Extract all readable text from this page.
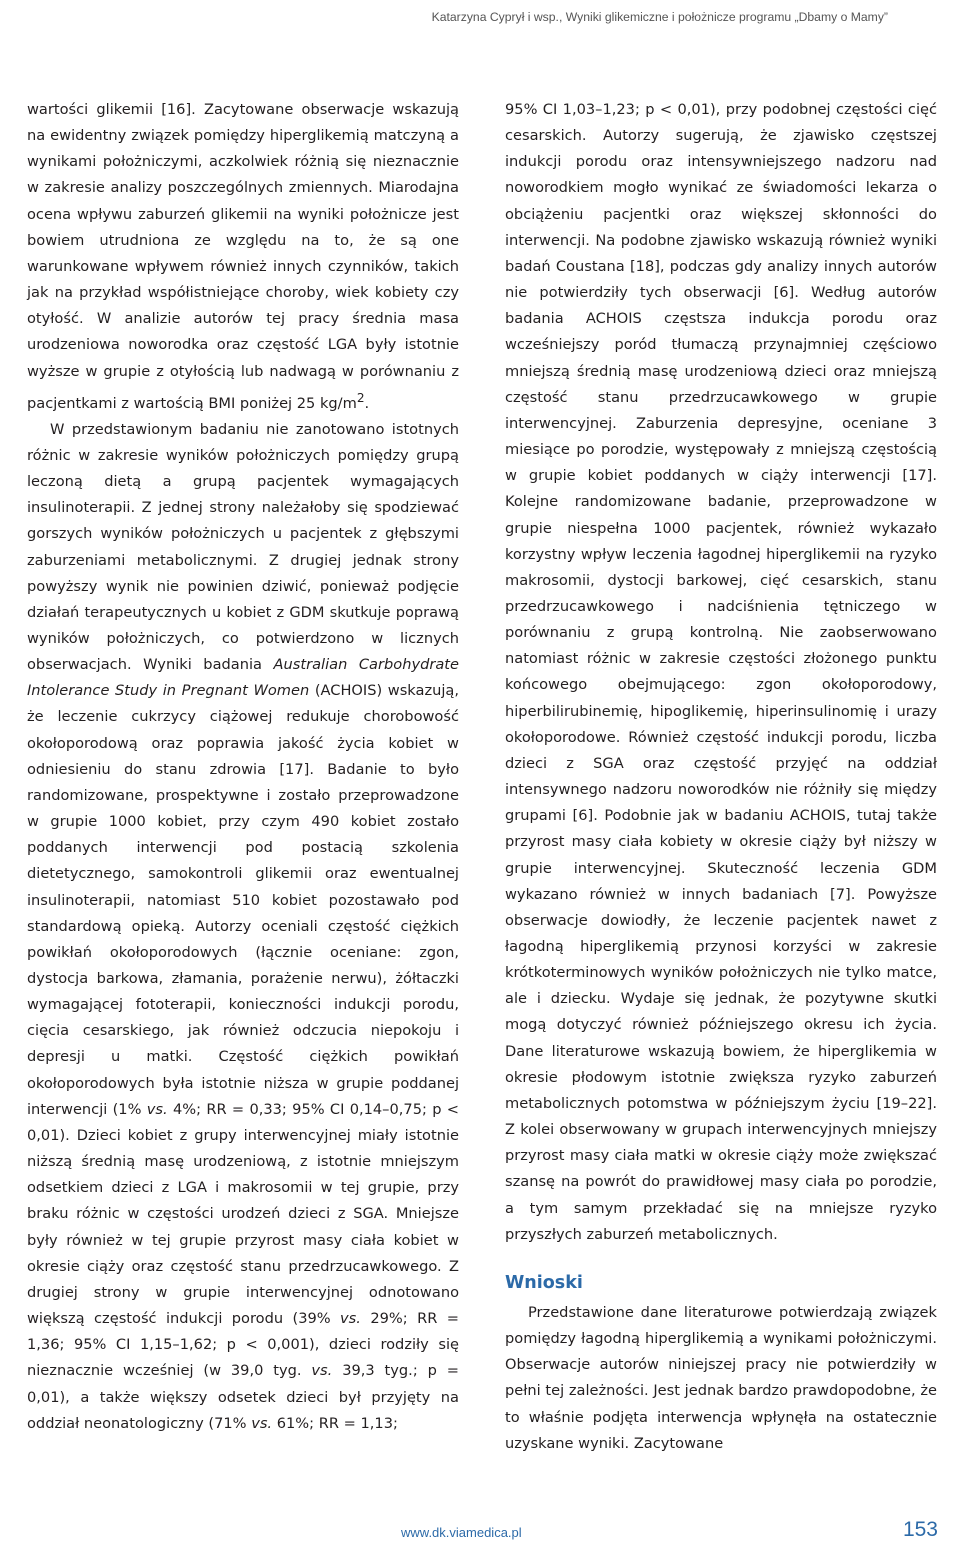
Katarzyna Cyprył i wsp., Wyniki glikemiczne i położnicze programu „Dbamy o Mamy”

wartości glikemii [16]. Zacytowane obserwacje wskazują na ewidentny związek pomiędzy hiperglikemią matczyną a wynikami położniczymi, aczkolwiek różnią się nieznacznie w zakresie analizy poszczególnych zmiennych. Miarodajna ocena wpływu zaburzeń glikemii na wyniki położnicze jest bowiem utrudniona ze względu na to, że są one warunkowane wpływem również innych czynników, takich jak na przykład współistniejące choroby, wiek kobiety czy otyłość. W analizie autorów tej pracy średnia masa urodzeniowa noworodka oraz częstość LGA były istotnie wyższe w grupie z otyłością lub nadwagą w porównaniu z pacjentkami z wartością BMI poniżej 25 $kg/m^2$.

W przedstawionym badaniu nie zanotowano istotnych różnic w zakresie wyników położniczych pomiędzy grupą leczoną dietą a grupą pacjentek wymagających insulinoterapii. Z jednej strony należałoby się spodziewać gorszych wyników położniczych u pacjentek z głębszymi zaburzeniami metabolicznymi. Z drugiej jednak strony powyższy wynik nie powinien dziwić, ponieważ podjęcie działań terapeutycznych u kobiet z GDM skutkuje poprawą wyników położniczych, co potwierdzono w licznych obserwacjach. Wyniki badania Australian Carbohydrate Intolerance Study in Pregnant Women (ACHOIS) wskazują, że leczenie cukrzycy ciążowej redukuje chorobowość okołoporodową oraz poprawia jakość życia kobiet w odniesieniu do stanu zdrowia [17]. Badanie to było randomizowane, prospektywne i zostało przeprowadzone w grupie 1000 kobiet, przy czym 490 kobiet zostało poddanych interwencji pod postacią szkolenia dietetycznego, samokontroli glikemii oraz ewentualnej insulinoterapii, natomiast 510 kobiet pozostawało pod standardową opieką. Autorzy oceniali częstość ciężkich powikłań okołoporodowych (łącznie oceniane: zgon, dystocja barkowa, złamania, porażenie nerwu), żółtaczki wymagającej fototerapii, konieczności indukcji porodu, cięcia cesarskiego, jak również odczucia niepokoju i depresji u matki. Częstość ciężkich powikłań okołoporodowych była istotnie niższa w grupie poddanej interwencji (1% vs. 4%; RR = 0,33; 95% CI 0,14–0,75; p < 0,01). Dzieci kobiet z grupy interwencyjnej miały istotnie niższą średnią masę urodzeniową, z istotnie mniejszym odsetkiem dzieci z LGA i makrosomii w tej grupie, przy braku różnic w częstości urodzeń dzieci z SGA. Mniejsze były również w tej grupie przyrost masy ciała kobiet w okresie ciąży oraz częstość stanu przedrzucawkowego. Z drugiej strony w grupie interwencyjnej odnotowano większą częstość indukcji porodu (39% vs. 29%; RR = 1,36; 95% CI 1,15–1,62; p < 0,001), dzieci rodziły się nieznacznie wcześniej (w 39,0 tyg. vs. 39,3 tyg.; p = 0,01), a także większy odsetek dzieci był przyjęty na oddział neonatologiczny (71% vs. 61%; RR = 1,13;

95% CI 1,03–1,23; p < 0,01), przy podobnej częstości cięć cesarskich. Autorzy sugerują, że zjawisko częstszej indukcji porodu oraz intensywniejszego nadzoru nad noworodkiem mogło wynikać ze świadomości lekarza o obciążeniu pacjentki oraz większej skłonności do interwencji. Na podobne zjawisko wskazują również wyniki badań Coustana [18], podczas gdy analizy innych autorów nie potwierdziły tych obserwacji [6]. Według autorów badania ACHOIS częstsza indukcja porodu oraz wcześniejszy poród tłumaczą przynajmniej częściowo mniejszą średnią masę urodzeniową dzieci oraz mniejszą częstość stanu przedrzucawkowego w grupie interwencyjnej. Zaburzenia depresyjne, oceniane 3 miesiące po porodzie, występowały z mniejszą częstością w grupie kobiet poddanych w ciąży interwencji [17]. Kolejne randomizowane badanie, przeprowadzone w grupie niespełna 1000 pacjentek, również wykazało korzystny wpływ leczenia łagodnej hiperglikemii na ryzyko makrosomii, dystocji barkowej, cięć cesarskich, stanu przedrzucawkowego i nadciśnienia tętniczego w porównaniu z grupą kontrolną. Nie zaobserwowano natomiast różnic w zakresie częstości złożonego punktu końcowego obejmującego: zgon okołoporodowy, hiperbilirubinemię, hipoglikemię, hiperinsulinomię i urazy okołoporodowe. Również częstość indukcji porodu, liczba dzieci z SGA oraz częstość przyjęć na oddział intensywnego nadzoru noworodków nie różniły się między grupami [6]. Podobnie jak w badaniu ACHOIS, tutaj także przyrost masy ciała kobiety w okresie ciąży był niższy w grupie interwencyjnej. Skuteczność leczenia GDM wykazano również w innych badaniach [7]. Powyższe obserwacje dowiodły, że leczenie pacjentek nawet z łagodną hiperglikemią przynosi korzyści w zakresie krótkoterminowych wyników położniczych nie tylko matce, ale i dziecku. Wydaje się jednak, że pozytywne skutki mogą dotyczyć również późniejszego okresu ich życia. Dane literaturowe wskazują bowiem, że hiperglikemia w okresie płodowym istotnie zwiększa ryzyko zaburzeń metabolicznych potomstwa w późniejszym życiu [19–22]. Z kolei obserwowany w grupach interwencyjnych mniejszy przyrost masy ciała matki w okresie ciąży może zwiększać szansę na powrót do prawidłowej masy ciała po porodzie, a tym samym przekładać się na mniejsze ryzyko przyszłych zaburzeń metabolicznych.

Wnioski

Przedstawione dane literaturowe potwierdzają związek pomiędzy łagodną hiperglikemią a wynikami położniczymi. Obserwacje autorów niniejszej pracy nie potwierdziły w pełni tej zależności. Jest jednak bardzo prawdopodobne, że to właśnie podjęta interwencja wpłynęła na ostatecznie uzyskane wyniki. Zacytowane

www.dk.viamedica.pl	153
